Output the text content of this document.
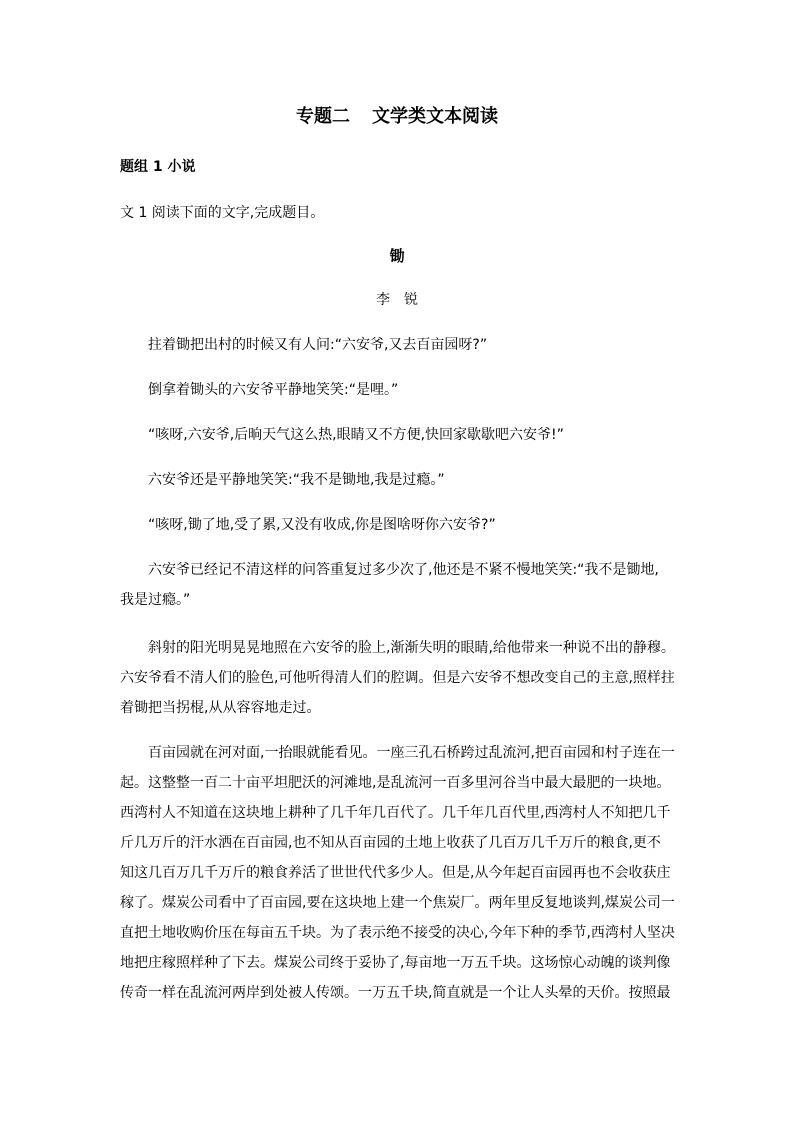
专题二 文学类文本阅读
题组 1 小说
文 1 阅读下面的文字,完成题目。
锄
李锐
　　拄着锄把出村的时候又有人问:“六安爷,又去百亩园呀?”
　　倒拿着锄头的六安爷平静地笑笑:“是哩。”
　　“咳呀,六安爷,后晌天气这么热,眼睛又不方便,快回家歇歇吧六安爷!”
　　六安爷还是平静地笑笑:“我不是锄地,我是过瘾。”
　　“咳呀,锄了地,受了累,又没有收成,你是图啥呀你六安爷?”
　　六安爷已经记不清这样的问答重复过多少次了,他还是不紧不慢地笑笑:“我不是锄地,
我是过瘾。”
　　斜射的阳光明晃晃地照在六安爷的脸上,渐渐失明的眼睛,给他带来一种说不出的静穆。
六安爷看不清人们的脸色,可他听得清人们的腔调。但是六安爷不想改变自己的主意,照样拄
着锄把当拐棍,从从容容地走过。
　　百亩园就在河对面,一抬眼就能看见。一座三孔石桥跨过乱流河,把百亩园和村子连在一
起。这整整一百二十亩平坦肥沃的河滩地,是乱流河一百多里河谷当中最大最肥的一块地。
西湾村人不知道在这块地上耕种了几千年几百代了。几千年几百代里,西湾村人不知把几千
斤几万斤的汗水洒在百亩园,也不知从百亩园的土地上收获了几百万几千万斤的粮食,更不
知这几百万几千万斤的粮食养活了世世代代多少人。但是,从今年起百亩园再也不会收获庄
稼了。煤炭公司看中了百亩园,要在这块地上建一个焦炭厂。两年里反复地谈判,煤炭公司一
直把土地收购价压在每亩五千块。为了表示绝不接受的决心,今年下种的季节,西湾村人坚决
地把庄稼照样种了下去。煤炭公司终于妥协了,每亩地一万五千块。这场惊心动魄的谈判像
传奇一样在乱流河两岸到处被人传颂。一万五千块,简直就是一个让人头晕的天价。按照最
